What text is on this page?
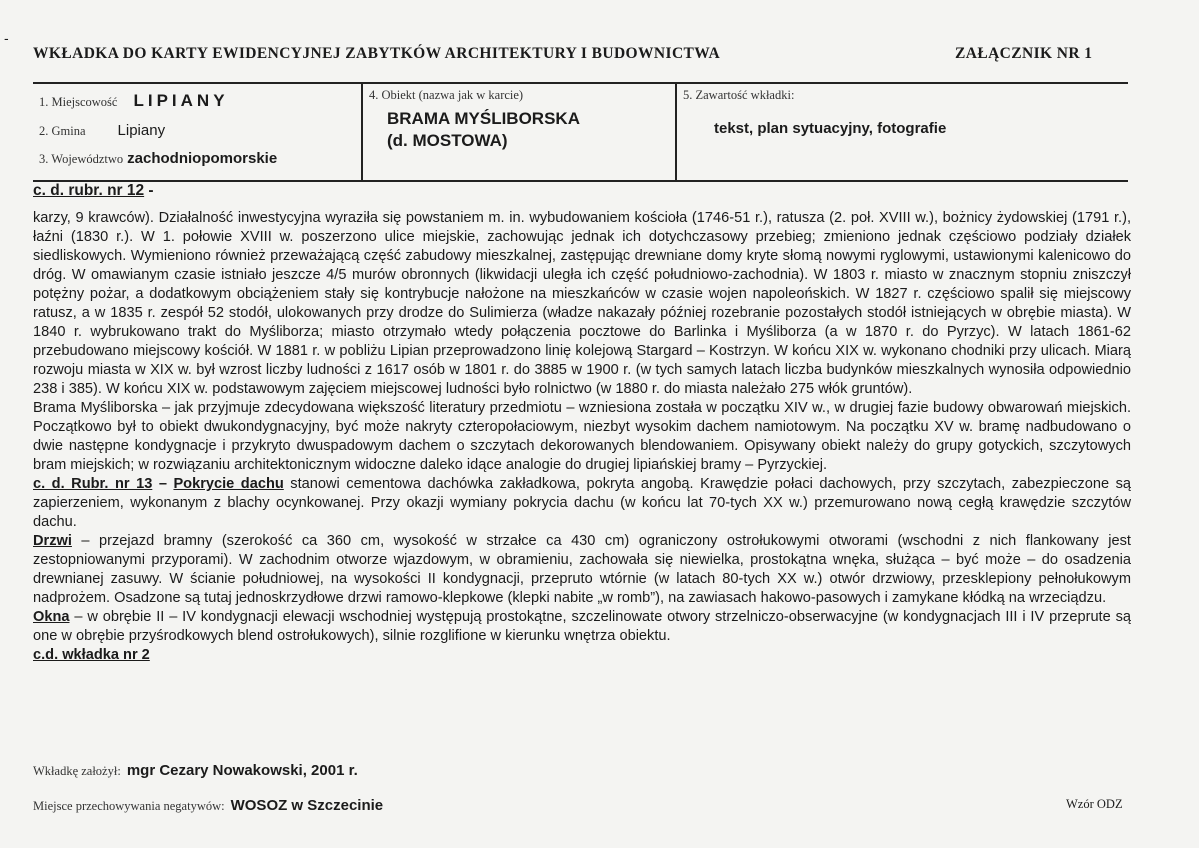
-
WKŁADKA DO KARTY EWIDENCYJNEJ ZABYTKÓW ARCHITEKTURY I BUDOWNICTWA	ZAŁĄCZNIK NR 1
1. Miejscowość LIPIANY
2. Gmina Lipiany
3. Województwo zachodniopomorskie
4. Obiekt (nazwa jak w karcie)
BRAMA MYŚLIBORSKA
(d. MOSTOWA)
5. Zawartość wkładki:
tekst, plan sytuacyjny, fotografie
c. d. rubr. nr 12 -

karzy, 9 krawców). Działalność inwestycyjna wyraziła się powstaniem m. in. wybudowaniem kościoła (1746-51 r.), ratusza (2. poł. XVIII w.), bożnicy żydowskiej (1791 r.), łaźni (1830 r.). W 1. połowie XVIII w. poszerzono ulice miejskie, zachowując jednak ich dotychczasowy przebieg; zmieniono jednak częściowo podziały działek siedliskowych. Wymieniono również przeważającą część zabudowy mieszkalnej, zastępując drewniane domy kryte słomą nowymi ryglowymi, ustawionymi kalenicowo do dróg. W omawianym czasie istniało jeszcze 4/5 murów obronnych (likwidacji uległa ich część południowo-zachodnia). W 1803 r. miasto w znacznym stopniu zniszczył potężny pożar, a dodatkowym obciążeniem stały się kontrybucje nałożone na mieszkańców w czasie wojen napoleońskich. W 1827 r. częściowo spalił się miejscowy ratusz, a w 1835 r. zespół 52 stodół, ulokowanych przy drodze do Sulimierza (władze nakazały później rozebranie pozostałych stodół istniejących w obrębie miasta). W 1840 r. wybrukowano trakt do Myśliborza; miasto otrzymało wtedy połączenia pocztowe do Barlinka i Myśliborza (a w 1870 r. do Pyrzyc). W latach 1861-62 przebudowano miejscowy kościół. W 1881 r. w pobliżu Lipian przeprowadzono linię kolejową Stargard – Kostrzyn. W końcu XIX w. wykonano chodniki przy ulicach. Miarą rozwoju miasta w XIX w. był wzrost liczby ludności z 1617 osób w 1801 r. do 3885 w 1900 r. (w tych samych latach liczba budynków mieszkalnych wynosiła odpowiednio 238 i 385). W końcu XIX w. podstawowym zajęciem miejscowej ludności było rolnictwo (w 1880 r. do miasta należało 275 włók gruntów).

Brama Myśliborska – jak przyjmuje zdecydowana większość literatury przedmiotu – wzniesiona została w początku XIV w., w drugiej fazie budowy obwarowań miejskich. Początkowo był to obiekt dwukondygnacyjny, być może nakryty czteropołaciowym, niezbyt wysokim dachem namiotowym. Na początku XV w. bramę nadbudowano o dwie następne kondygnacje i przykryto dwuspadowym dachem o szczytach dekorowanych blendowaniem. Opisywany obiekt należy do grupy gotyckich, szczytowych bram miejskich; w rozwiązaniu architektonicznym widoczne daleko idące analogie do drugiej lipiańskiej bramy – Pyrzyckiej.

c. d. Rubr. nr 13 – Pokrycie dachu stanowi cementowa dachówka zakładkowa, pokryta angobą. Krawędzie połaci dachowych, przy szczytach, zabezpieczone są zapierzeniem, wykonanym z blachy ocynkowanej. Przy okazji wymiany pokrycia dachu (w końcu lat 70-tych XX w.) przemurowano nową cegłą krawędzie szczytów dachu.

Drzwi – przejazd bramny (szerokość ca 360 cm, wysokość w strzałce ca 430 cm) ograniczony ostrołukowymi otworami (wschodni z nich flankowany jest zestopniowanymi przyporami). W zachodnim otworze wjazdowym, w obramieniu, zachowała się niewielka, prostokątna wnęka, służąca – być może – do osadzenia drewnianej zasuwy. W ścianie południowej, na wysokości II kondygnacji, przepruto wtórnie (w latach 80-tych XX w.) otwór drzwiowy, przesklepiony pełnołukowym nadprożem. Osadzone są tutaj jednoskrzydłowe drzwi ramowo-klepkowe (klepki nabite „w romb”), na zawiasach hakowo-pasowych i zamykane kłódką na wrzeciądzu.

Okna – w obrębie II – IV kondygnacji elewacji wschodniej występują prostokątne, szczelinowate otwory strzelniczo-obserwacyjne (w kondygnacjach III i IV przeprute są one w obrębie przyśrodkowych blend ostrołukowych), silnie rozglifione w kierunku wnętrza obiektu.

c.d. wkładka nr 2

Wkładkę założył: mgr Cezary Nowakowski, 2001 r.
Miejsce przechowywania negatywów: WOSOZ w Szczecinie	Wzór ODZ
